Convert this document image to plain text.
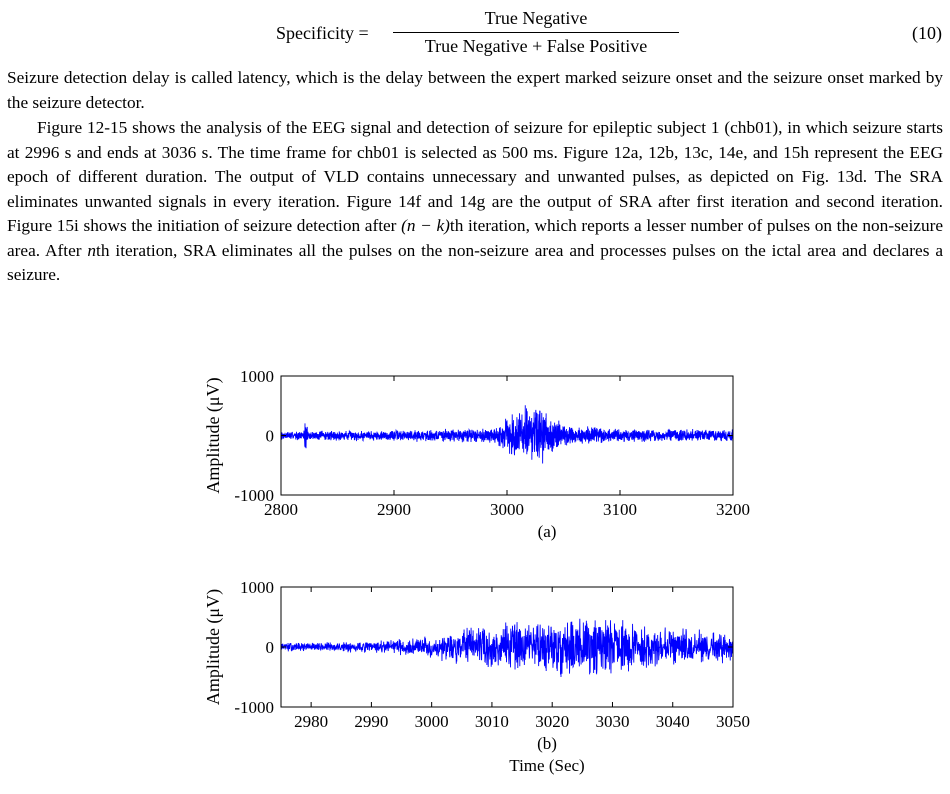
Specificity =
True Negative
True Negative + False Positive
(10)

Seizure detection delay is called latency, which is the delay between the expert marked seizure onset and the seizure onset marked by the seizure detector.

Figure 12-15 shows the analysis of the EEG signal and detection of seizure for epileptic subject 1 (chb01), in which seizure starts at 2996 s and ends at 3036 s. The time frame for chb01 is selected as 500 ms. Figure 12a, 12b, 13c, 14e, and 15h represent the EEG epoch of different duration. The output of VLD contains unnecessary and unwanted pulses, as depicted on Fig. 13d. The SRA eliminates unwanted signals in every iteration. Figure 14f and 14g are the output of SRA after first iteration and second iteration. Figure 15i shows the initiation of seizure detection after (n − k)th iteration, which reports a lesser number of pulses on the non-seizure area. After nth iteration, SRA eliminates all the pulses on the non-seizure area and processes pulses on the ictal area and declares a seizure.

2800	2900	3000	3100	3200
1000
0
-1000
Amplitude (μV)
(a)
2980 2990 3000 3010 3020 3030 3040 3050
1000
0
-1000
Amplitude (μV)
(b)
Time (Sec)
